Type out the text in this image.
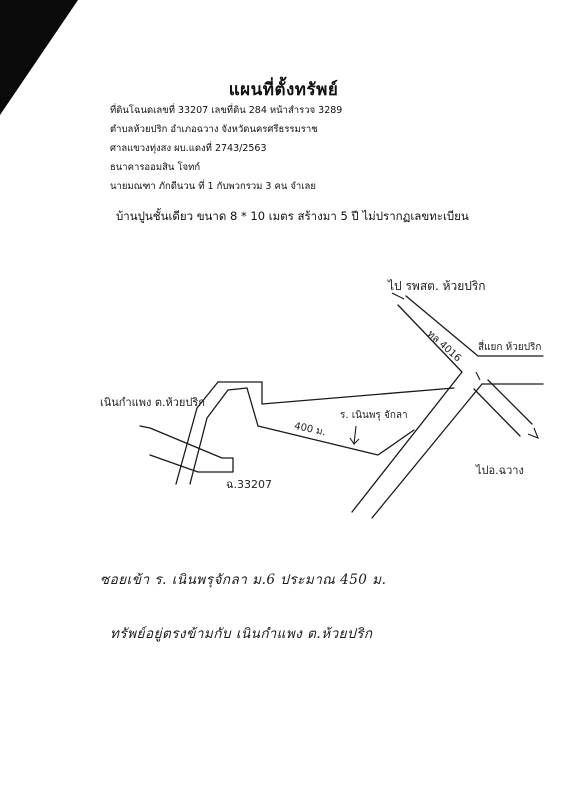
แผนที่ตั้งทรัพย์
ที่ดินโฉนดเลขที่ 33207 เลขที่ดิน 284 หน้าสำรวจ 3289
ตำบลห้วยปริก อำเภอฉวาง จังหวัดนครศรีธรรมราช
ศาลแขวงทุ่งสง ผบ.แดงที่ 2743/2563
ธนาคารออมสิน โจทก์
นายมณฑา ภักดีนวน ที่ 1 กับพวกรวม 3 คน จำเลย
บ้านปูนชั้นเดียว ขนาด 8 * 10 เมตร สร้างมา 5 ปี ไม่ปรากฏเลขทะเบียน
ไป รพสต. ห้วยปริก
ทล 4016 สี่แยก ห้วยปริก
เนินกำแพง ต.ห้วยปริก
400 ม.
ร. เนินพรุ จักลา
ฉ.33207
ไปอ.ฉวาง
ซอยเข้า ร. เนินพรุจักลา ม.6 ประมาณ 450 ม.
ทรัพย์อยู่ตรงข้ามกับ เนินกำแพง ต.ห้วยปริก
